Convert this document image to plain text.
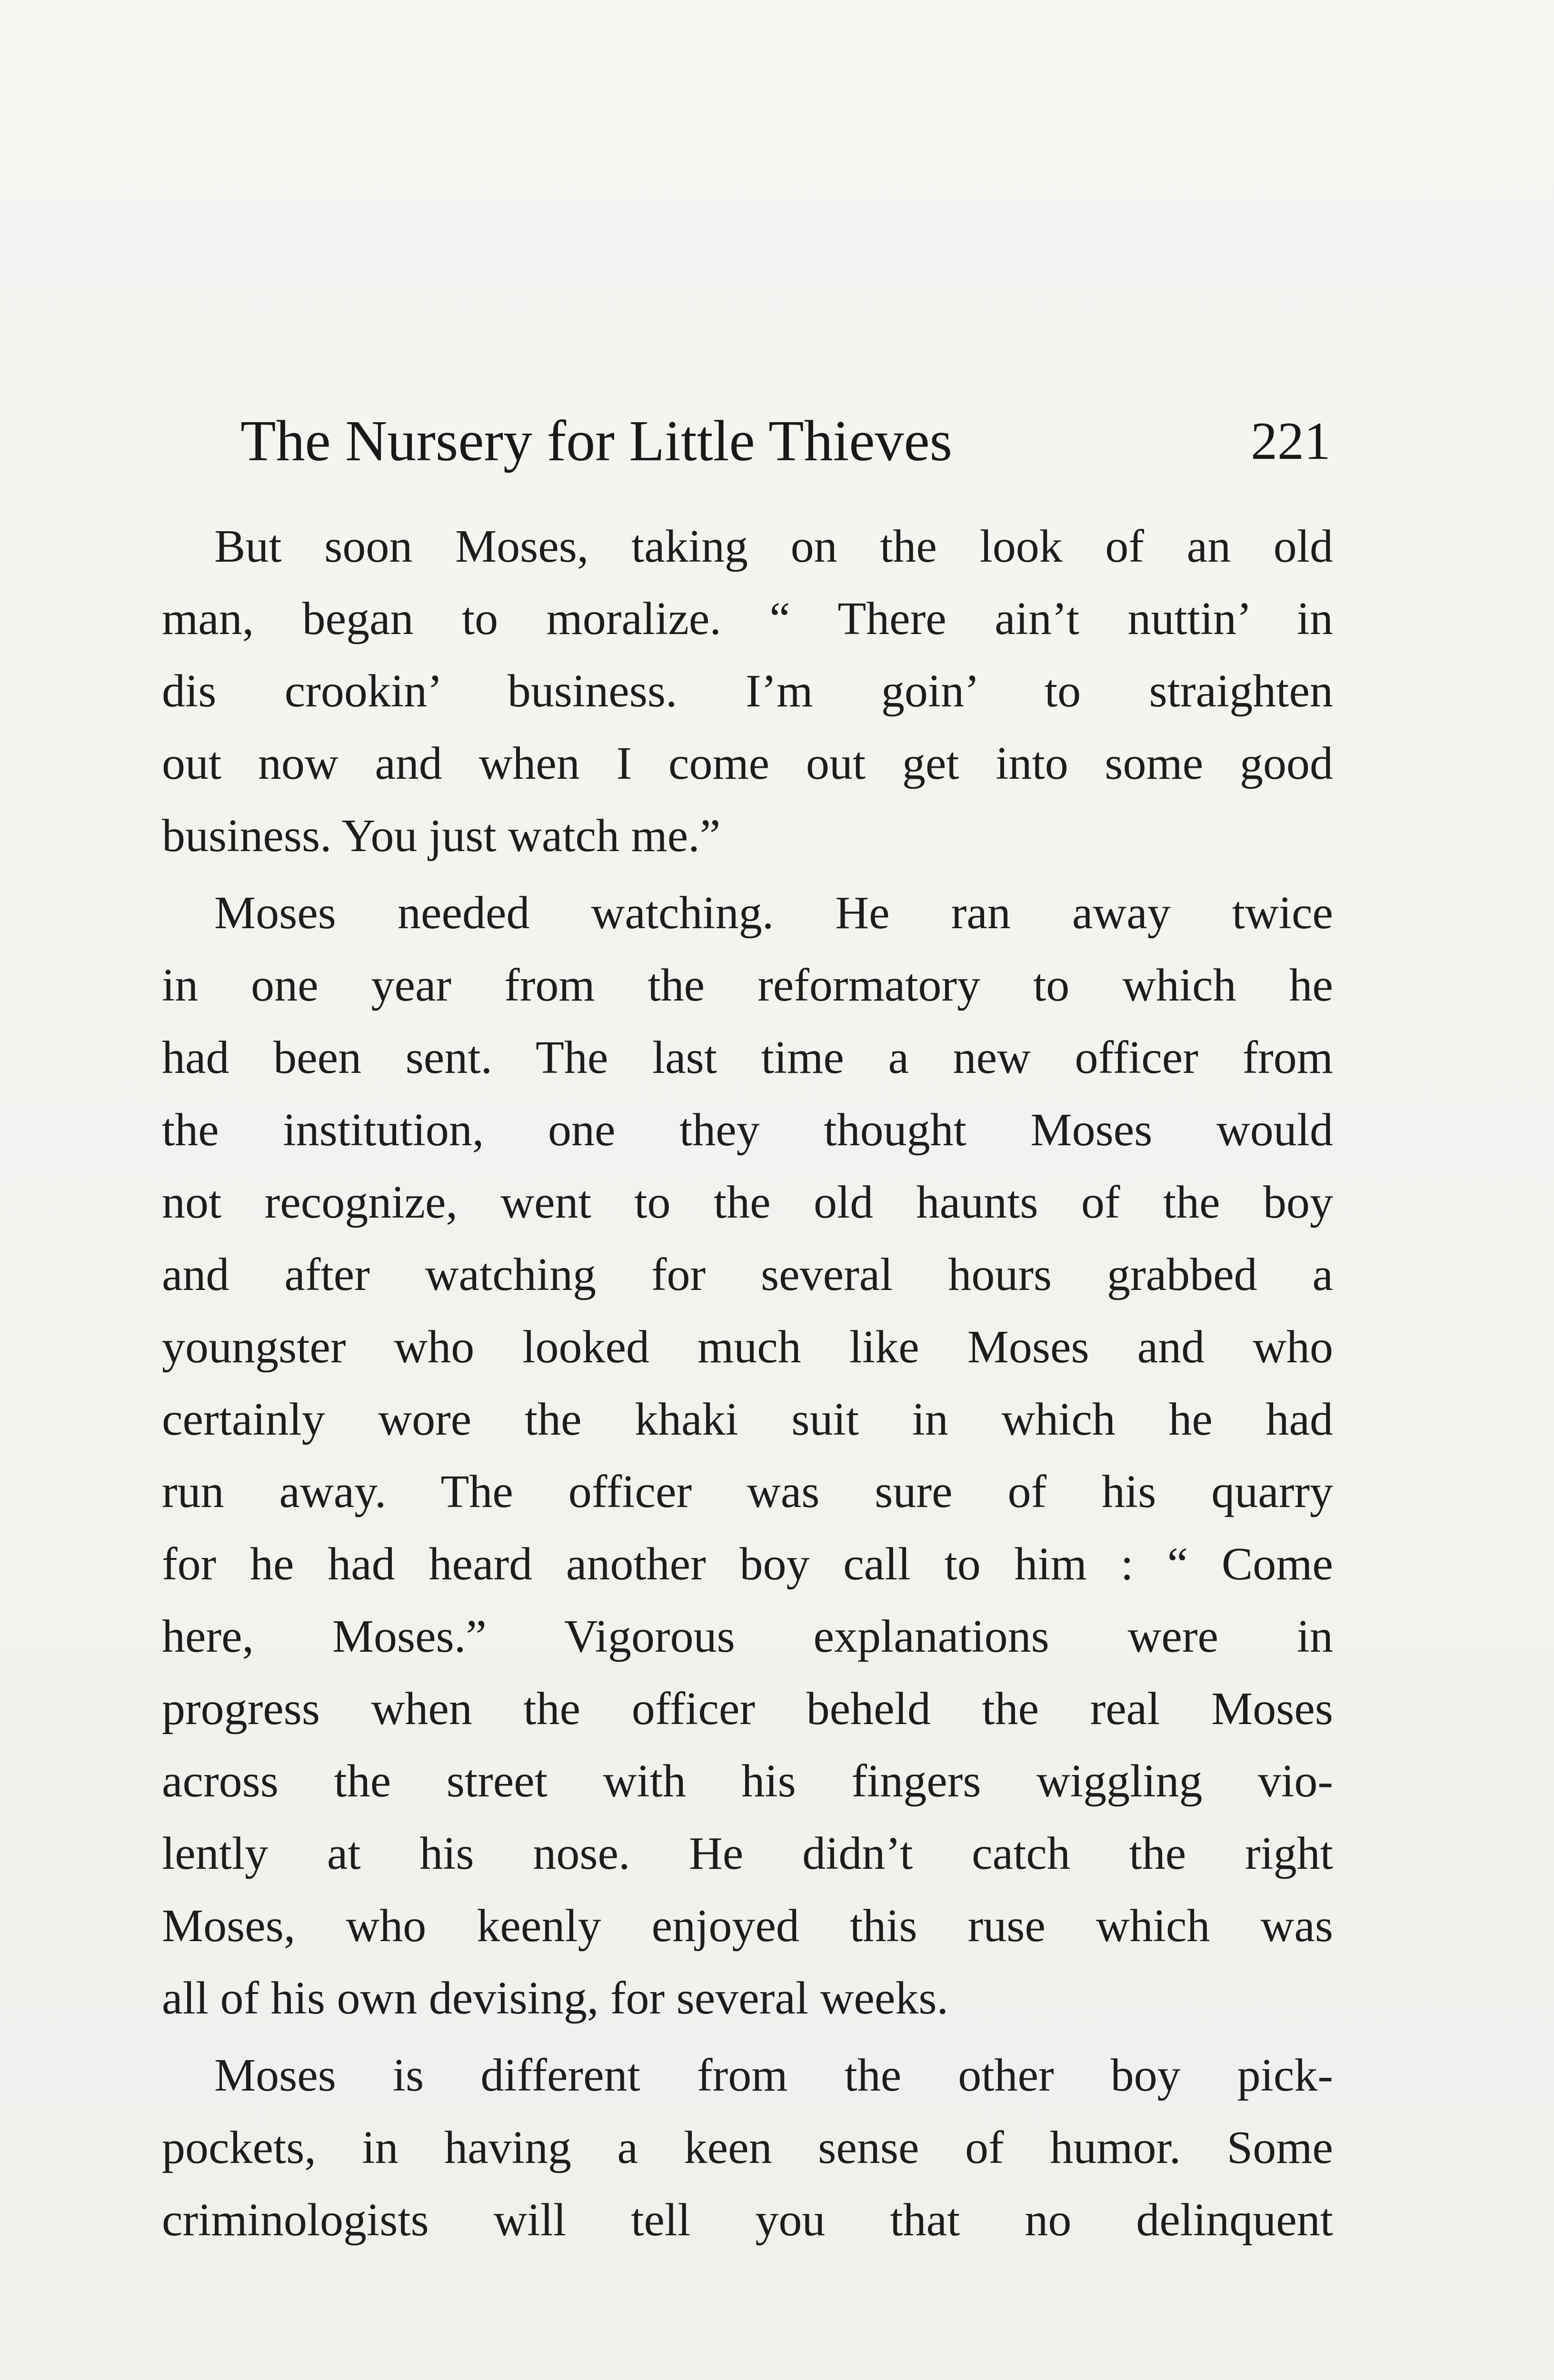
The Nursery for Little Thieves	221
But soon Moses, taking on the look of an old
man, began to moralize. “ There ain’t nuttin’ in
dis crookin’ business. I’m goin’ to straighten
out now and when I come out get into some good
business. You just watch me.”
Moses needed watching. He ran away twice
in one year from the reformatory to which he
had been sent. The last time a new officer from
the institution, one they thought Moses would
not recognize, went to the old haunts of the boy
and after watching for several hours grabbed a
youngster who looked much like Moses and who
certainly wore the khaki suit in which he had
run away. The officer was sure of his quarry
for he had heard another boy call to him : “ Come
here, Moses.” Vigorous explanations were in
progress when the officer beheld the real Moses
across the street with his fingers wiggling vio-
lently at his nose. He didn’t catch the right
Moses, who keenly enjoyed this ruse which was
all of his own devising, for several weeks.
Moses is different from the other boy pick-
pockets, in having a keen sense of humor. Some
criminologists will tell you that no delinquent
